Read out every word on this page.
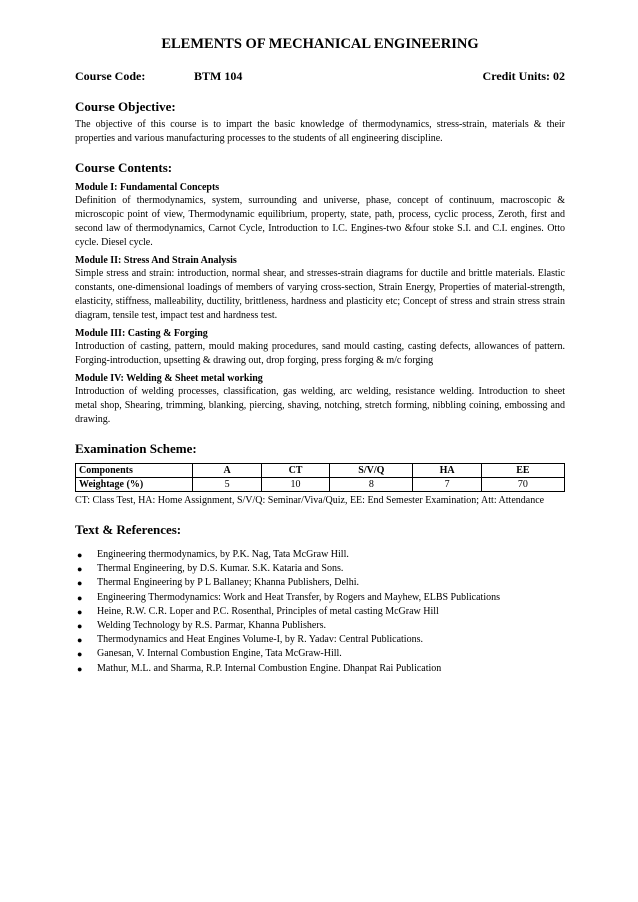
ELEMENTS OF MECHANICAL ENGINEERING
Course Code:	BTM 104	Credit Units: 02
Course Objective:

The objective of this course is to impart the basic knowledge of thermodynamics, stress-strain, materials & their properties and various manufacturing processes to the students of all engineering discipline.

Course Contents:

Module I: Fundamental Concepts

Definition of thermodynamics, system, surrounding and universe, phase, concept of continuum, macroscopic & microscopic point of view, Thermodynamic equilibrium, property, state, path, process, cyclic process, Zeroth, first and second law of thermodynamics, Carnot Cycle, Introduction to I.C. Engines-two &four stoke S.I. and C.I. engines. Otto cycle. Diesel cycle.

Module II: Stress And Strain Analysis

Simple stress and strain: introduction, normal shear, and stresses-strain diagrams for ductile and brittle materials. Elastic constants, one-dimensional loadings of members of varying cross-section, Strain Energy, Properties of material-strength, elasticity, stiffness, malleability, ductility, brittleness, hardness and plasticity etc; Concept of stress and strain stress strain diagram, tensile test, impact test and hardness test.

Module III: Casting & Forging

Introduction of casting, pattern, mould making procedures, sand mould casting, casting defects, allowances of pattern. Forging-introduction, upsetting & drawing out, drop forging, press forging & m/c forging

Module IV: Welding & Sheet metal working

Introduction of welding processes, classification, gas welding, arc welding, resistance welding. Introduction to sheet metal shop, Shearing, trimming, blanking, piercing, shaving, notching, stretch forming, nibbling coining, embossing and drawing.

Examination Scheme:
Components	A	CT	S/V/Q	HA	EE
Weightage (%)	5	10	8	7	70

CT: Class Test, HA: Home Assignment, S/V/Q: Seminar/Viva/Quiz, EE: End Semester Examination; Att: Attendance

Text & References:
● Engineering thermodynamics, by P.K. Nag, Tata McGraw Hill.
● Thermal Engineering, by D.S. Kumar. S.K. Kataria and Sons.
● Thermal Engineering by P L Ballaney; Khanna Publishers, Delhi.
● Engineering Thermodynamics: Work and Heat Transfer, by Rogers and Mayhew, ELBS Publications
● Heine, R.W. C.R. Loper and P.C. Rosenthal, Principles of metal casting McGraw Hill
● Welding Technology by R.S. Parmar, Khanna Publishers.
● Thermodynamics and Heat Engines Volume-I, by R. Yadav: Central Publications.
● Ganesan, V. Internal Combustion Engine, Tata McGraw-Hill.
● Mathur, M.L. and Sharma, R.P. Internal Combustion Engine. Dhanpat Rai Publication
